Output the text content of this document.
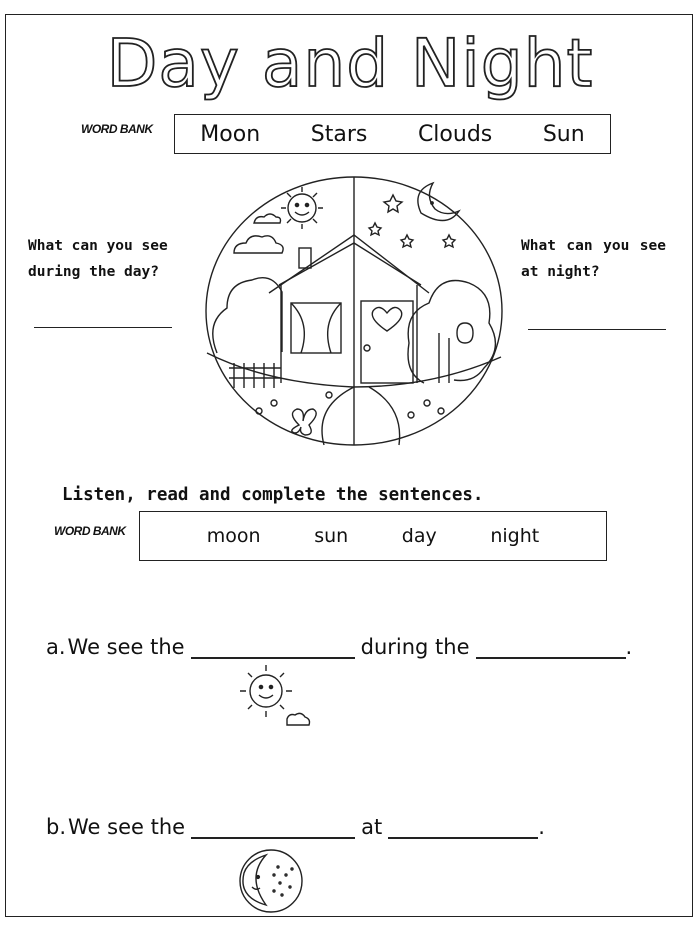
Day and Night
WORD BANK Moon Stars Clouds Sun
What can you see during the day?
What can you see at night?
Listen, read and complete the sentences.
WORD BANK	moon	sun	day	night
a. We see the	during the	.
b. We see the	at	.
